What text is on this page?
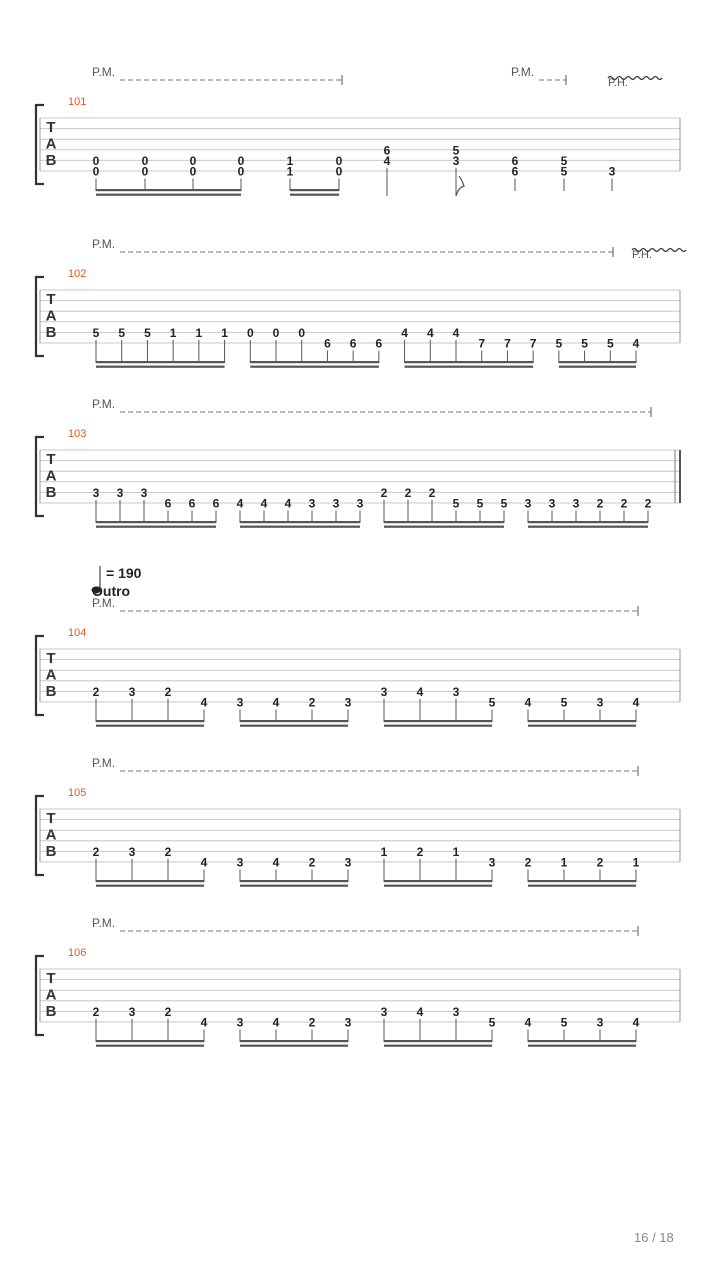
T
A
B
101
P.M.	P.M.
P.H.
0
0
0
0
0
0
0
0
1
1
0
0
6
4
5
3	6
6
5
5	3
T
A
B
102
P.M.
P.H.
5 5 5 1 1 1 0 0 0
6 6 6
4 4 4
7 7 7 5 5 5 4
T
A
B
103
P.M.
3 3 3
6 6 6 4 4 4 3 3 3
2 2 2
5 5 5 3 3 3 2 2 2
T
A
B
104
P.M.
= 190
Outro
2 3 2
4 3 4 2 3
3 4 3
5 4 5 3 4
T
A
B
105
P.M.
2 3 2
4 3 4 2 3
1 2 1
3 2 1 2 1
T
A
B
106
P.M.
2 3 2
4 3 4 2 3
3 4 3
5 4 5 3 4
16 / 18
